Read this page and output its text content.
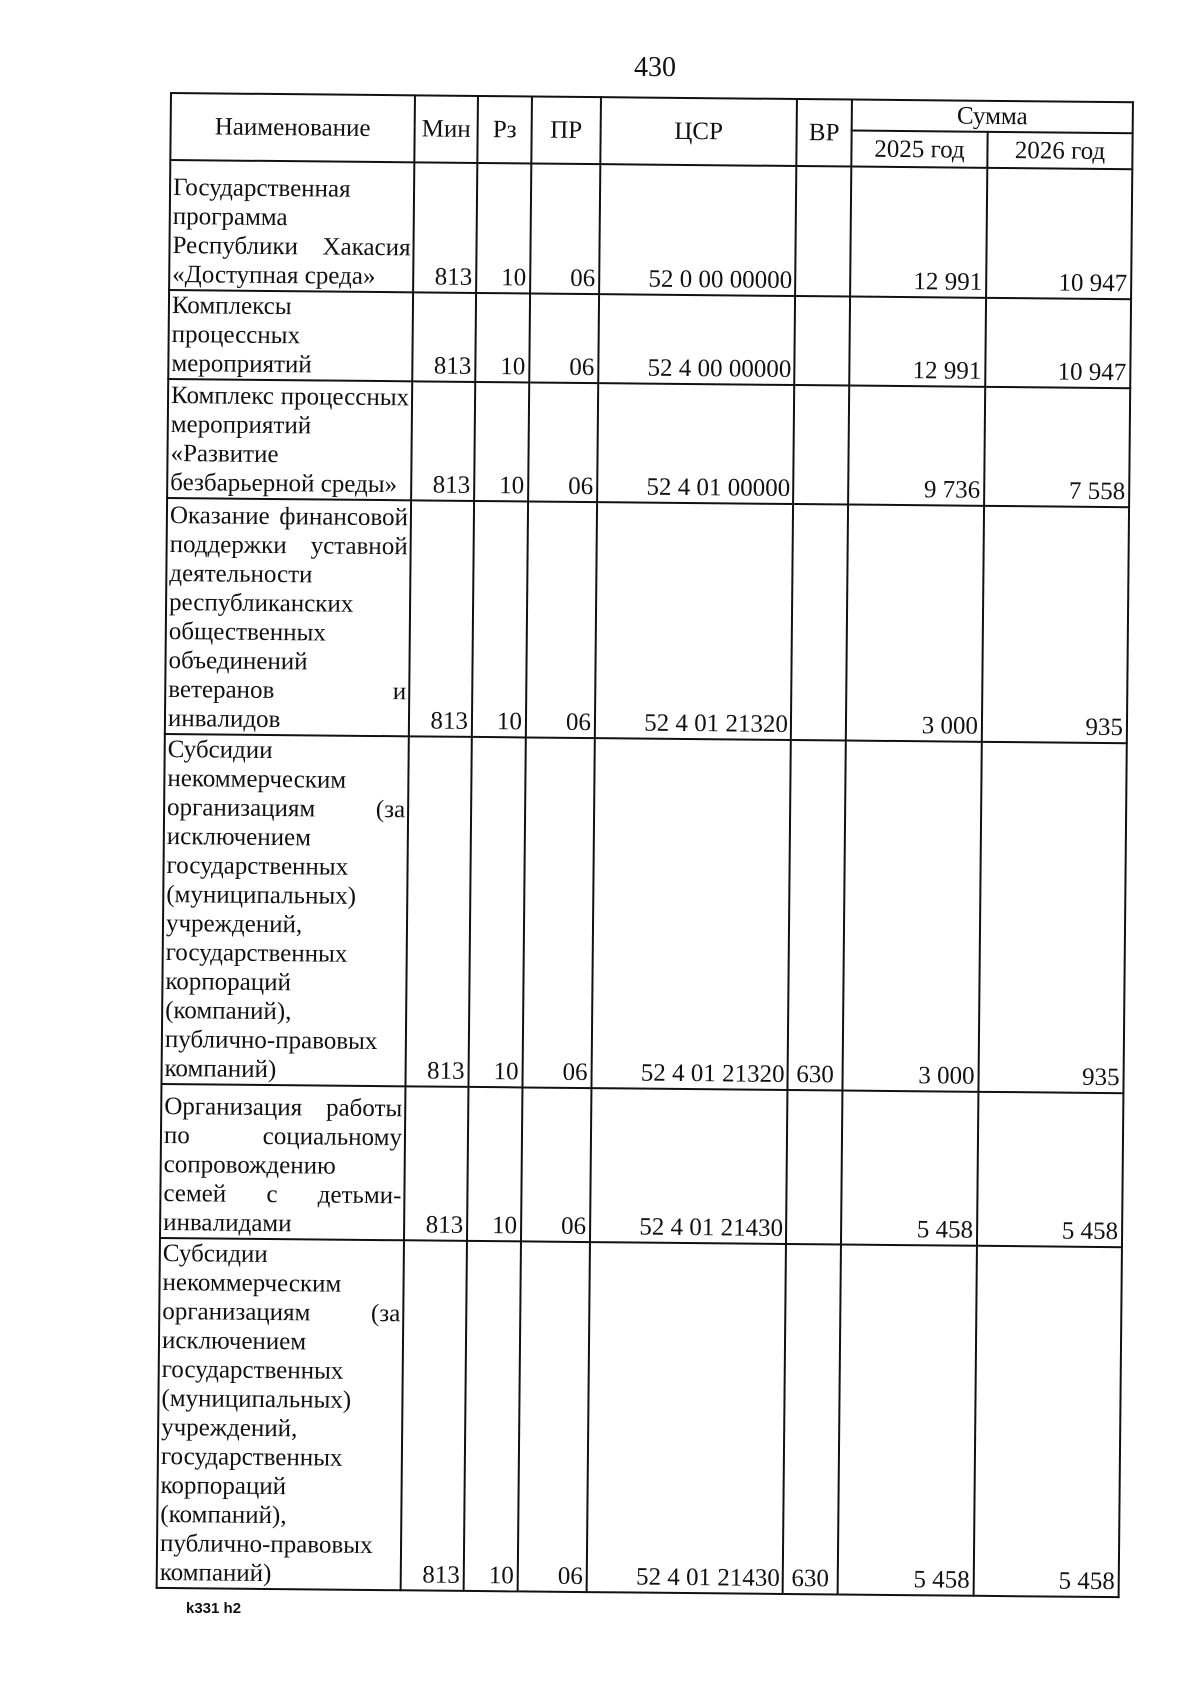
430
Наименование	Мин	Рз	ПР	ЦСР	ВР	Сумма	
						2025 год	2026 год
Государственная программа Республики Хакасия «Доступная среда»	813	10	06	52 0 00 00000		12 991	10 947
Комплексы процессных мероприятий	813	10	06	52 4 00 00000		12 991	10 947
Комплекс процессных мероприятий «Развитие безбарьерной среды»	813	10	06	52 4 01 00000		9 736	7 558
Оказание финансовой поддержки уставной деятельности республиканских общественных объединений ветеранов и инвалидов	813	10	06	52 4 01 21320		3 000	935
Субсидии некоммерческим организациям (за исключением государственных (муниципальных) учреждений, государственных корпораций (компаний), публично-правовых компаний)	813	10	06	52 4 01 21320	630	3 000	935
Организация работы по социальному сопровождению семей с детьми-инвалидами	813	10	06	52 4 01 21430		5 458	5 458
Субсидии некоммерческим организациям (за исключением государственных (муниципальных) учреждений, государственных корпораций (компаний), публично-правовых компаний)	813	10	06	52 4 01 21430	630	5 458	5 458
k331 h2
